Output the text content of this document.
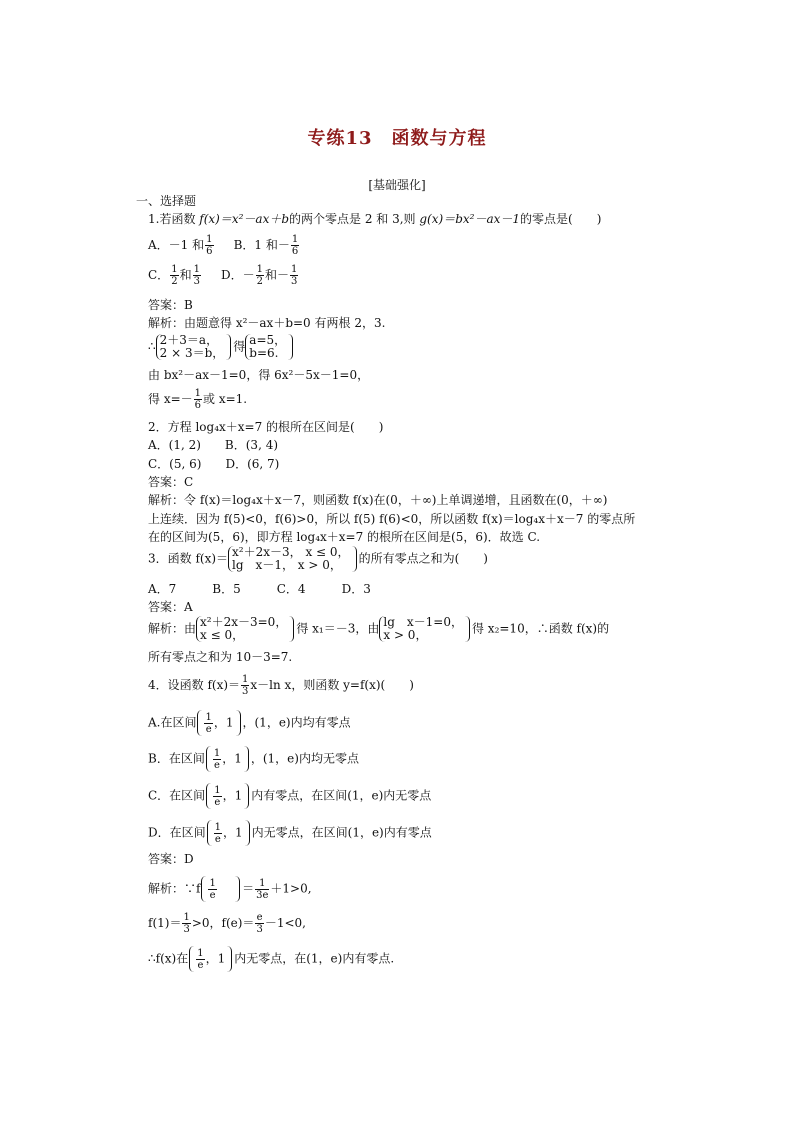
专练13　函数与方程
[基础强化]
一、选择题
1.若函数 f(x)＝x²－ax＋b的两个零点是 2 和 3,则 g(x)＝bx²－ax－1的零点是(　　)
A．－1 和 $\frac{1}{6}$ B．1 和－ $\frac{1}{6}$
C． $\frac{1}{2}$ 和 $\frac{1}{3}$ D．－ $\frac{1}{2}$ 和－ $\frac{1}{3}$
答案：B
解析：由题意得 x²－ax＋b=0 有两根 2，3.
∴ 2＋3＝a，
2 × 3＝b， 得 a=5，
b=6.
由 bx²－ax－1=0，得 6x²－5x－1=0，
得 $x=- \frac{1}{6}$ 或 x=1.
2．方程 log₄x＋x=7 的根所在区间是(　　)
A．(1, 2)　　B．(3, 4)
C．(5, 6)　　D．(6, 7)
答案：C
解析：令 f(x)＝log₄x＋x－7，则函数 f(x)在(0，＋∞)上单调递增，且函数在(0，＋∞)
上连续．因为 f(5)<0，f(6)>0，所以 f(5) f(6)<0，所以函数 f(x)＝log₄x＋x－7 的零点所
在的区间为(5，6)，即方程 log₄x＋x=7 的根所在区间是(5，6)．故选 C.
3．函数 f(x)＝ x²＋2x－3， x ≤ 0，
lg　x－1， x > 0，	的所有零点之和为(　　)
A．7　　　B．5　　　C．4　　　D．3
答案：A
解析：由 x²＋2x－3=0，
x ≤ 0，	得 x₁＝－3，由 lg　x－1=0，
x > 0，	得 x₂=10，∴函数 f(x)的
所有零点之和为 10－3=7.
4．设函数 $f(x)= \frac{1}{3} x-\ln$ x，则函数 y=f(x)(　　)
A.在区间 $\frac{1}{e}$ ，1 ，(1，e)内均有零点
B．在区间 $\frac{1}{e}$ ，1 ，(1，e)内均无零点
C．在区间 $\frac{1}{e}$ ，1 内有零点，在区间(1，e)内无零点
D．在区间 $\frac{1}{e}$ ，1 内无零点，在区间(1，e)内有零点
答案：D
解析：∵f $\frac{1}{e} = \frac{1}{3e} +1>0$,
$f(1)= \frac{1}{3} >0$，$f(e)= \frac{e}{3} -1<0$,
∴f(x)在 $\frac{1}{e}$ ，1 内无零点，在(1，e)内有零点.
